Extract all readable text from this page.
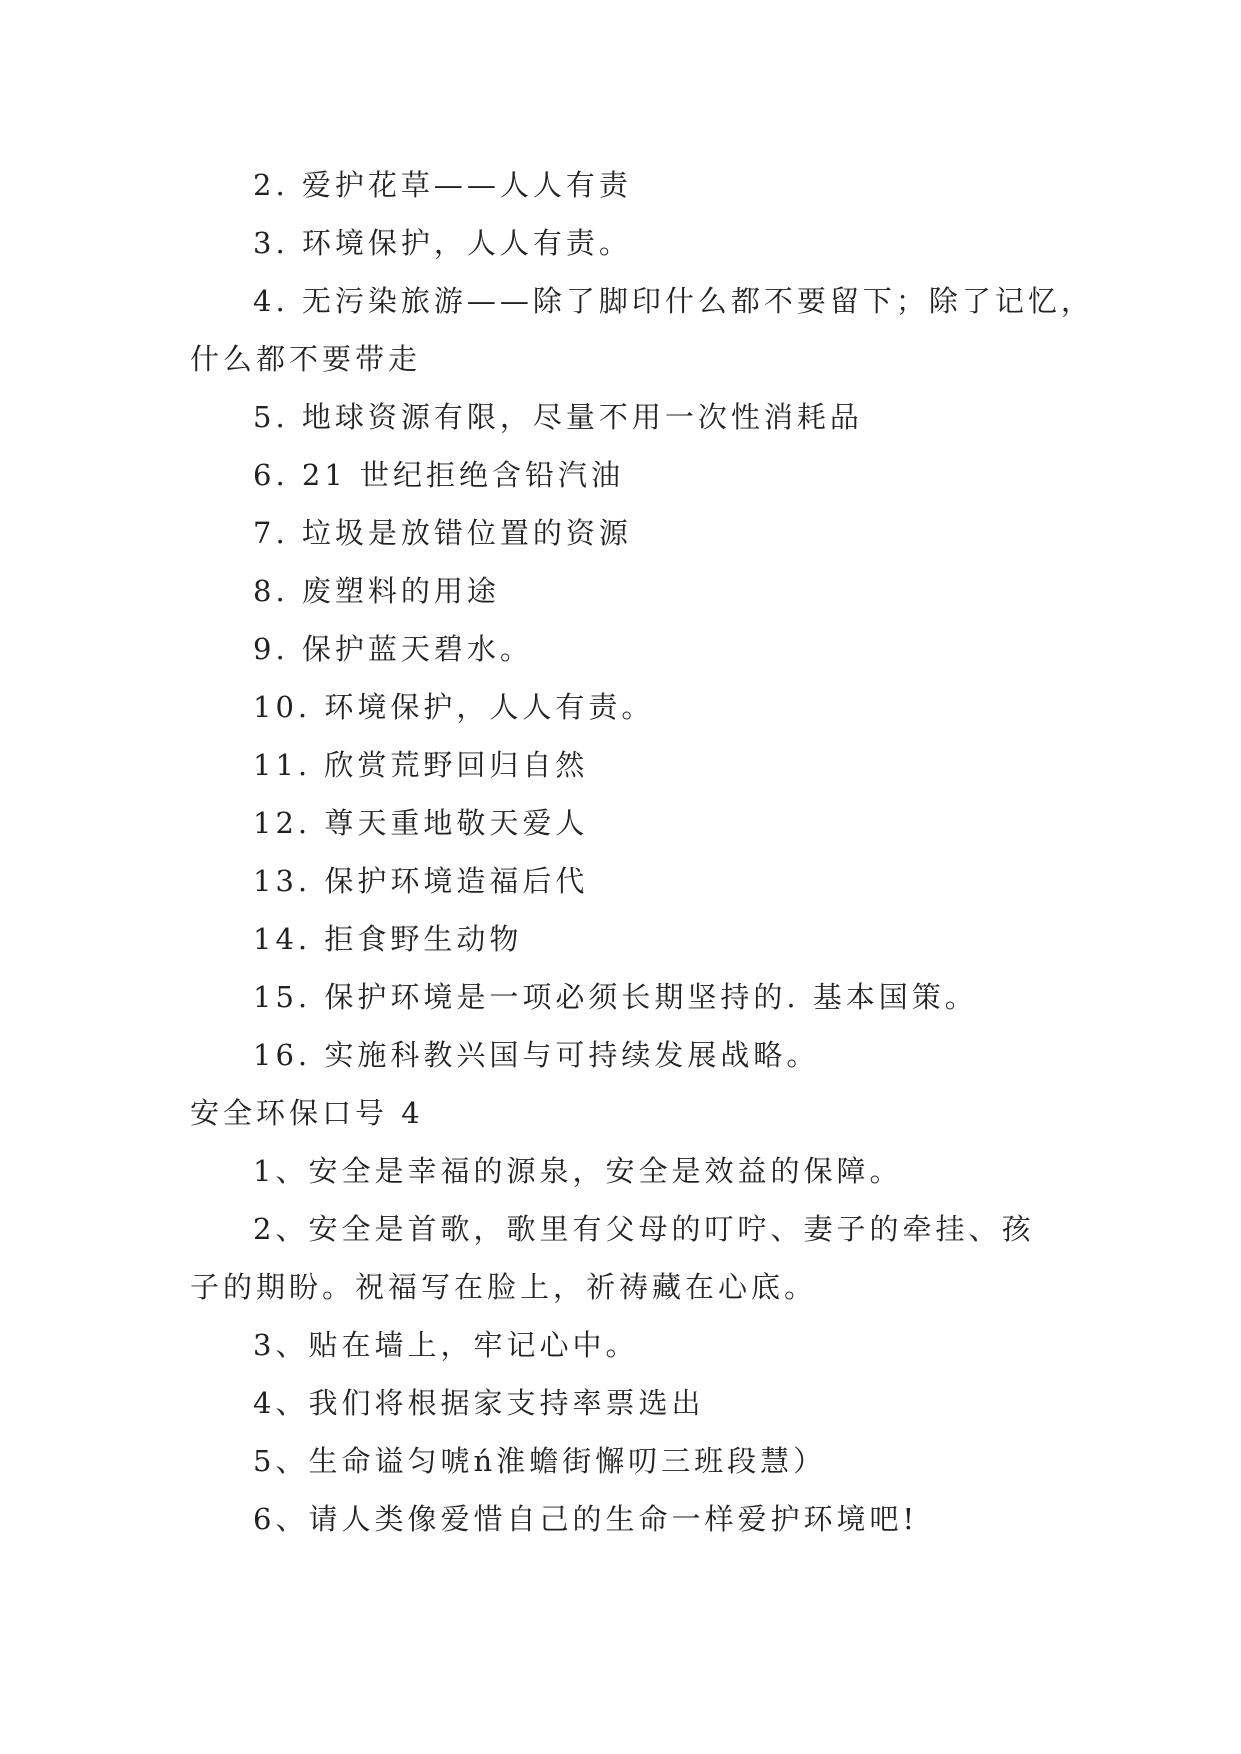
2. 爱护花草——人人有责
3. 环境保护，人人有责。
4. 无污染旅游——除了脚印什么都不要留下；除了记忆，
什么都不要带走
5. 地球资源有限，尽量不用一次性消耗品
6. 21 世纪拒绝含铅汽油
7. 垃圾是放错位置的资源
8. 废塑料的用途
9. 保护蓝天碧水。
10. 环境保护，人人有责。
11. 欣赏荒野回归自然
12. 尊天重地敬天爱人
13. 保护环境造福后代
14. 拒食野生动物
15. 保护环境是一项必须长期坚持的. 基本国策。
16. 实施科教兴国与可持续发展战略。
安全环保口号 4
1、安全是幸福的源泉，安全是效益的保障。
2、安全是首歌，歌里有父母的叮咛、妻子的牵挂、孩
子的期盼。祝福写在脸上，祈祷藏在心底。
3、贴在墙上，牢记心中。
4、我们将根据家支持率票选出
5、生命谥匀唬ń淮蟾街懈叨三班段慧）
6、请人类像爱惜自己的生命一样爱护环境吧!
